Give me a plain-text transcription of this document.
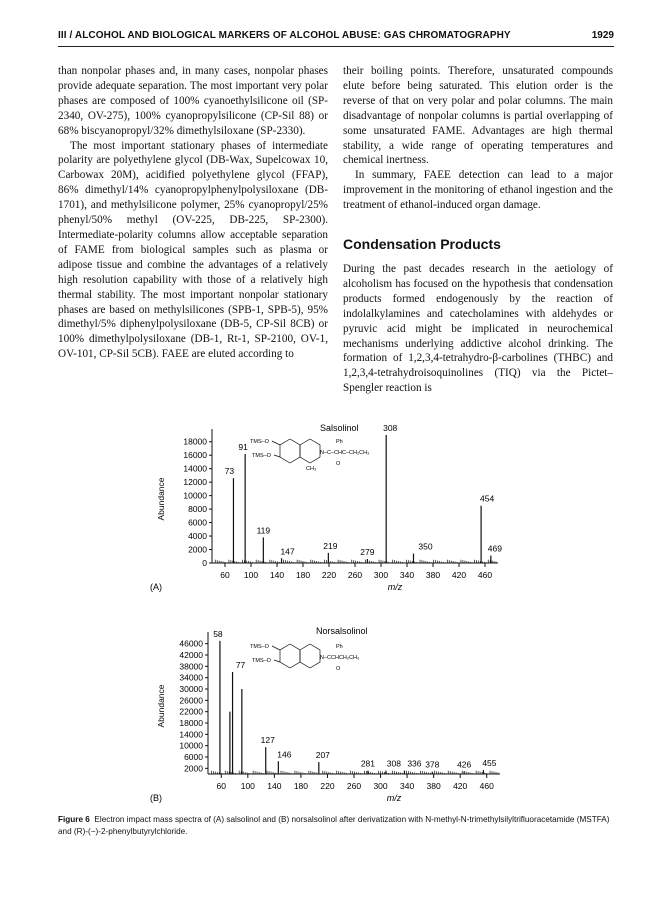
III / ALCOHOL AND BIOLOGICAL MARKERS OF ALCOHOL ABUSE: GAS CHROMATOGRAPHY	1929

than nonpolar phases and, in many cases, nonpolar phases provide adequate separation. The most important very polar phases are composed of 100% cyanoethylsilicone oil (SP-2340, OV-275), 100% cyanopropylsilicone (CP-Sil 88) or 68% biscyanopropyl/32% dimethylsiloxane (SP-2330).

The most important stationary phases of intermediate polarity are polyethylene glycol (DB-Wax, Supelcowax 10, Carbowax 20M), acidified polyethylene glycol (FFAP), 86% dimethyl/14% cyanopropylphenylpolysiloxane (DB-1701), and methylsilicone polymer, 25% cyanopropyl/25% phenyl/50% methyl (OV-225, DB-225, SP-2300). Intermediate-polarity columns allow acceptable separation of FAME from biological samples such as plasma or adipose tissue and combine the advantages of a relatively high resolution capability with those of a relatively high thermal stability. The most important nonpolar stationary phases are based on methylsilicones (SPB-1, SPB-5), 95% dimethyl/5% diphenylpolysiloxane (DB-5, CP-Sil 8CB) or 100% dimethylpolysiloxane (DB-1, Rt-1, SP-2100, OV-1, OV-101, CP-Sil 5CB). FAEE are eluted according to

their boiling points. Therefore, unsaturated compounds elute before being saturated. This elution order is the reverse of that on very polar and polar columns. The main disadvantage of nonpolar columns is partial overlapping of some unsaturated FAME. Advantages are high thermal stability, a wide range of operating temperatures and chemical inertness.

In summary, FAEE detection can lead to a major improvement in the monitoring of ethanol ingestion and the treatment of ethanol-induced organ damage.

Condensation Products

During the past decades research in the aetiology of alcoholism has focused on the hypothesis that condensation products formed endogenously by the reaction of indolalkylamines and catecholamines with aldehydes or pyruvic acid might be implicated in neurochemical mechanisms underlying addictive alcohol drinking. The formation of 1,2,3,4-tetrahydro-β-carbolines (THBC) and 1,2,3,4-tetrahydroisoquinolines (TIQ) via the Pictet–Spengler reaction is

0
2000
4000
6000
8000
10000
12000
14000
16000
18000
60 100 140 180 220 260 300 340 380 420 460
Abundance
m/z
(A)
Salsolinol
73
91
119
147
219
279
308
350
454
469
TMS–O
TMS–O	N–C–CHC–CH₂CH₃
Ph
O
CH₃
2000
6000
10000
14000
18000
22000
26000
30000
34000
38000
42000
46000
60 100 140 180 220 260 300 340 380 420 460
Abundance
m/z
(B)
Norsalsolinol
58
77
127
146	207
281 308 336 378 426 455
TMS–O
TMS–O	N–CCHCH₂CH₃
Ph
O
Figure 6 Electron impact mass spectra of (A) salsolinol and (B) norsalsolinol after derivatization with N-methyl-N-trimethylsilyltrifluoracetamide (MSTFA) and (R)-(−)-2-phenylbutyrylchloride.
